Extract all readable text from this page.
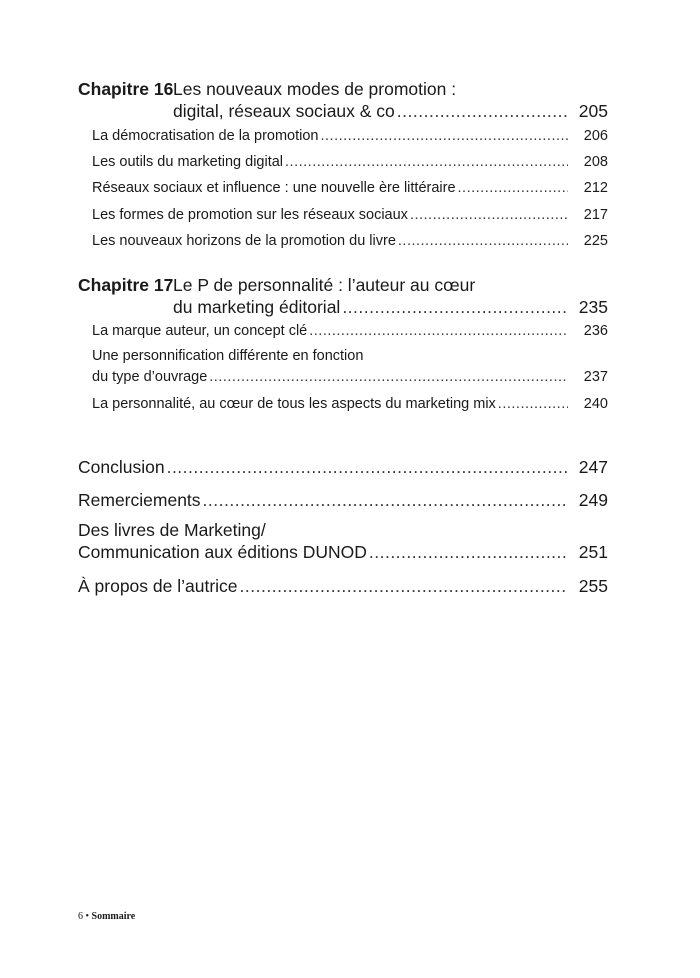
Chapitre 16 Les nouveaux modes de promotion :
digital, réseaux sociaux & co .....	205
La démocratisation de la promotion .....	206
Les outils du marketing digital .....	208
Réseaux sociaux et influence : une nouvelle ère littéraire .....	212
Les formes de promotion sur les réseaux sociaux .....	217
Les nouveaux horizons de la promotion du livre .....	225
Chapitre 17 Le P de personnalité : l’auteur au cœur
du marketing éditorial .....	235
La marque auteur, un concept clé .....	236
Une personnification différente en fonction
du type d’ouvrage .....	237
La personnalité, au cœur de tous les aspects du marketing mix .....	240
Conclusion .....	247
Remerciements .....	249
Des livres de Marketing/
Communication aux éditions DUNOD .....	251
À propos de l’autrice .....	255
6 • Sommaire
